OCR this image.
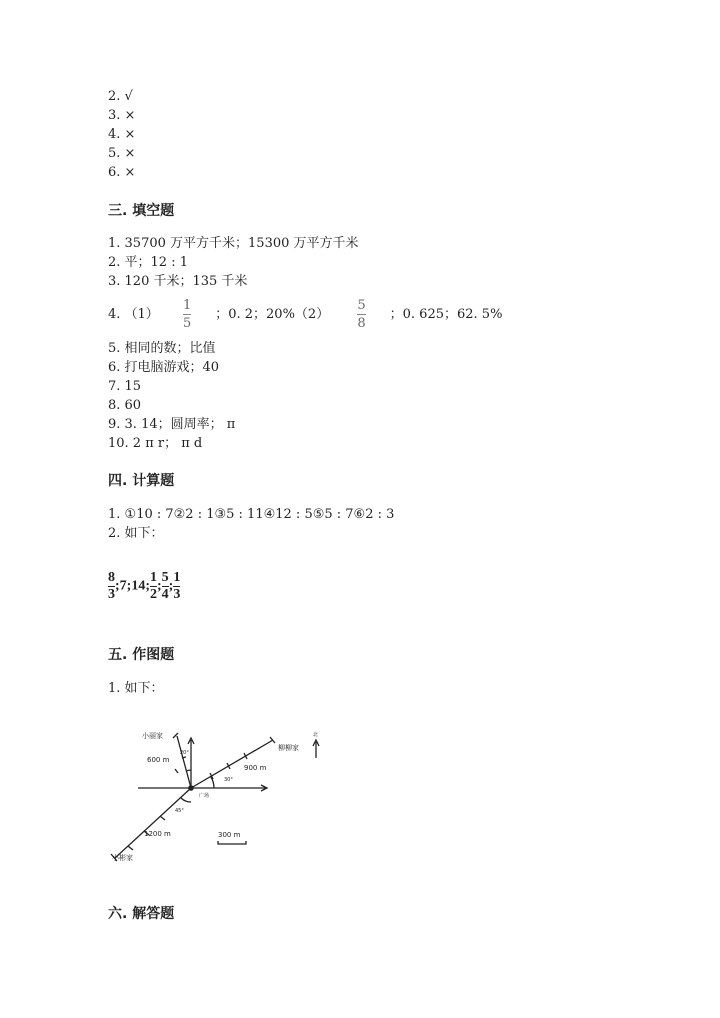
2. √
3. ×
4. ×
5. ×
6. ×
三. 填空题
1. 35700 万平方千米；15300 万平方千米
2. 平；12 : 1
3. 120 千米；135 千米
4. $(1) \frac{1}{5}$ ；0. 2；$20\%(2) \frac{5}{8}$ ；0. 625；62. 5%
5. 相同的数；比值
6. 打电脑游戏；40
7. 15
8. 60
9. 3. 14；圆周率； π
10. 2 π r； π d
四. 计算题
1. ①10 : 7②2 : 1③5 : 11④12 : 5⑤5 : 7⑥2 : 3
2. 如下：
$\frac{8}{3}$ ;7;14; $\frac{1}{2}$ ; $\frac{5}{4}$ ; $\frac{1}{3}$
五. 作图题
1. 如下：
小丽家
柳柳家
小彬家
广场
北
600 m
900 m
1200 m
20°
30°
45°
300 m
六. 解答题
